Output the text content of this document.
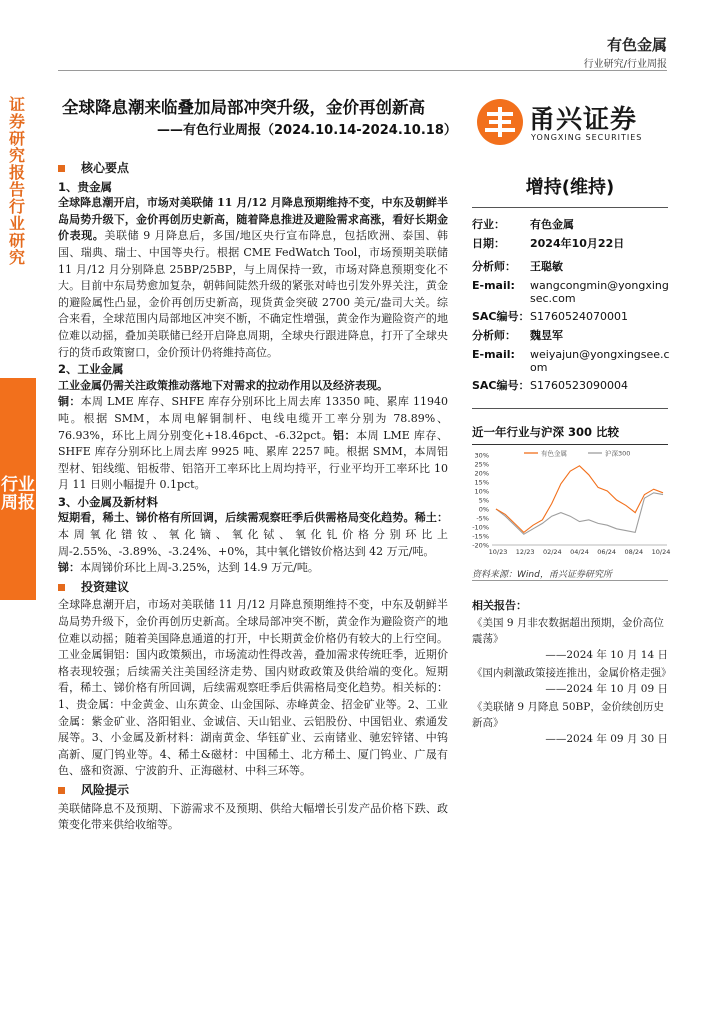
有色金属
行业研究/行业周报
证券研究报告 行业研究
行业周报
全球降息潮来临叠加局部冲突升级，金价再创新高
——有色行业周报（2024.10.14-2024.10.18）	甬兴证券
YONGXING SECURITIES
增持(维持)
行业：	有色金属
日期：	2024年10月22日
分析师：	王聪敏
E-mail:	wangcongmin@yongxingsec.com
SAC编号： S1760524070001
分析师：	魏昱军
E-mail:	weiyajun@yongxingsee.com
SAC编号： S1760523090004
近一年行业与沪深 300 比较
30%
25%
20%
15%
10%
5%
0%
-5%
-10%
-15%
-20%
10/23 12/23 02/24 04/24 06/24 08/24 10/24
有色金属	沪深300
资料来源：Wind，甬兴证券研究所
相关报告：
《美国 9 月非农数据超出预期，金价高位震荡》
——2024 年 10 月 14 日
《国内刺激政策接连推出，金属价格走强》
——2024 年 10 月 09 日
《美联储 9 月降息 50BP，金价续创历史新高》
——2024 年 09 月 30 日
核心要点
1、贵金属

全球降息潮开启，市场对美联储 11 月/12 月降息预期维持不变，中东及朝鲜半岛局势升级下，金价再创历史新高，随着降息推进及避险需求高涨，看好长期金价表现。美联储 9 月降息后，多国/地区央行宣布降息，包括欧洲、泰国、韩国、瑞典、瑞士、中国等央行。根据 CME FedWatch Tool，市场预期美联储 11 月/12 月分别降息 25BP/25BP，与上周保持一致，市场对降息预期变化不大。目前中东局势愈加复杂，朝韩间陡然升级的紧张对峙也引发外界关注，黄金的避险属性凸显，金价再创历史新高，现货黄金突破 2700 美元/盎司大关。综合来看，全球范围内局部地区冲突不断，不确定性增强，黄金作为避险资产的地位难以动摇，叠加美联储已经开启降息周期，全球央行跟进降息，打开了全球央行的货币政策窗口，金价预计仍将維持高位。

2、工业金属

工业金属仍需关注政策推动落地下对需求的拉动作用以及经济表现。

铜：本周 LME 库存、SHFE 库存分别环比上周去库 13350 吨、累库 11940 吨。根据 SMM，本周电解铜制杆、电线电缆开工率分别为 78.89%、76.93%，环比上周分别变化+18.46pct、-6.32pct。铝：本周 LME 库存、SHFE 库存分别环比上周去库 9925 吨、累库 2257 吨。根据 SMM，本周铝型材、铝线缆、铝板带、铝箔开工率环比上周均持平，行业平均开工率环比 10 月 11 日则小幅提升 0.1pct。

3、小金属及新材料

短期看，稀土、锑价格有所回调，后续需观察旺季后供需格局变化趋势。稀土：本周氧化镨钕、氧化镝、氧化铽、氧化钆价格分别环比上周-2.55%、-3.89%、-3.24%、+0%，其中氧化镨钕价格达到 42 万元/吨。

锑：本周锑价环比上周-3.25%，达到 14.9 万元/吨。

投资建议

全球降息潮开启，市场对美联储 11 月/12 月降息预期维持不变，中东及朝鲜半岛局势升级下，金价再创历史新高。全球局部冲突不断，黄金作为避险资产的地位难以动摇；随着美国降息通道的打开，中长期黄金价格仍有较大的上行空间。工业金属铜铝：国内政策频出，市场流动性得改善，叠加需求传统旺季，近期价格表现较强；后续需关注美国经济走势、国内财政政策及供给端的变化。短期看，稀土、锑价格有所回调，后续需观察旺季后供需格局变化趋势。相关标的：1、贵金属：中金黄金、山东黄金、山金国际、赤峰黄金、招金矿业等。2、工业金属：紫金矿业、洛阳钼业、金诚信、天山铝业、云铝股份、中国铝业、索通发展等。3、小金属及新材料：湖南黄金、华钰矿业、云南锗业、驰宏锌锗、中钨高新、厦门钨业等。4、稀土&磁材：中国稀土、北方稀土、厦门钨业、广晟有色、盛和资源、宁波韵升、正海磁材、中科三环等。

风险提示

美联储降息不及预期、下游需求不及预期、供给大幅增长引发产品价格下跌、政策变化带来供给收缩等。
